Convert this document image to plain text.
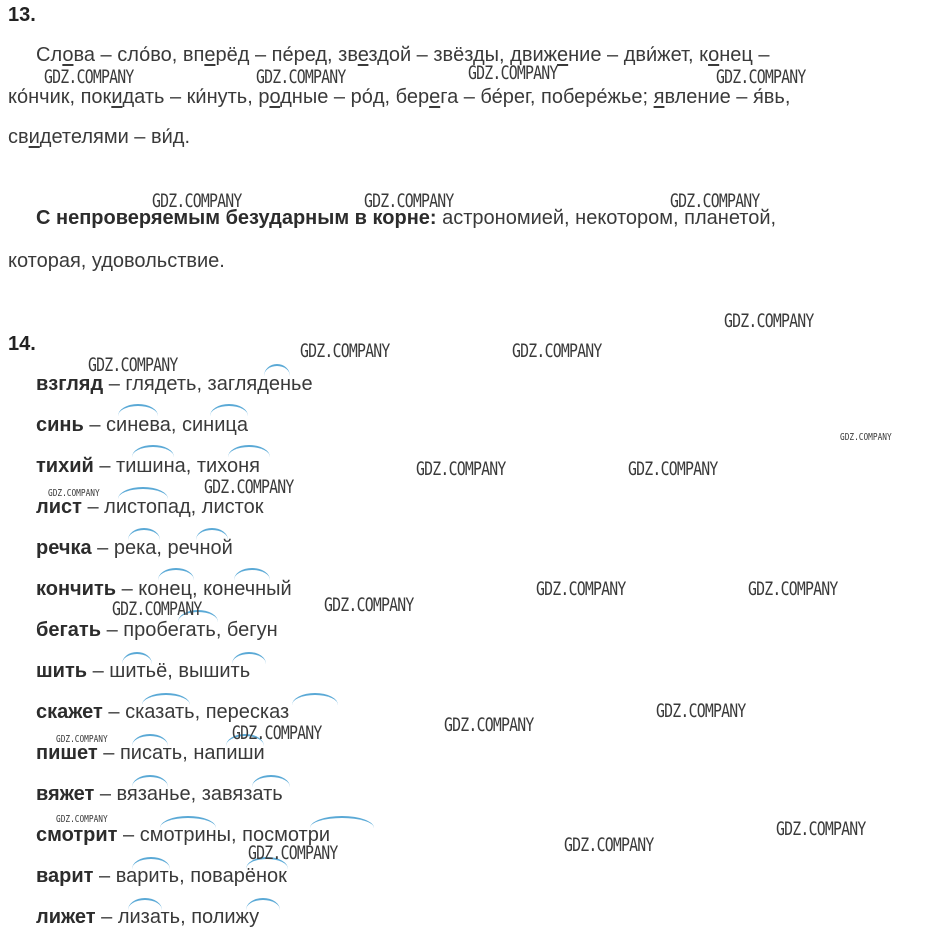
13.
Слова – сло́во, вперёд – пе́ред, звездой – звёзды, движение – дви́жет, конец –
ко́нчик, покидать – ки́нуть, родные – ро́д, берега – бе́рег, побере́жье; явление – я́вь,
свидетелями – ви́д.
С непроверяемым безударным в корне: астрономией, некотором, планетой,
которая, удовольствие.
14.
взгляд – глядеть, загляденье
синь – синева, синица
тихий – тишина, тихоня
лист – листопад, листок
речка – река, речной
кончить – конец, конечный
бегать – пробегать, бегун
шить – шитьё, вышить
скажет – сказать, пересказ
пишет – писать, напиши
вяжет – вязанье, завязать
смотрит – смотрины, посмотри
варит – варить, поварёнок
лижет – лизать, полижу
GDZ.COMPANY	GDZ.COMPANY	GDZ.COMPANY	GDZ.COMPANY
GDZ.COMPANY	GDZ.COMPANY	GDZ.COMPANY
GDZ.COMPANY
GDZ.COMPANY
GDZ.COMPANY	GDZ.COMPANY
GDZ.COMPANY
GDZ.COMPANY	GDZ.COMPANY
GDZ.COMPANY	GDZ.COMPANY
GDZ.COMPANY	GDZ.COMPANY
GDZ.COMPANY	GDZ.COMPANY
GDZ.COMPANY
GDZ.COMPANY
GDZ.COMPANY
GDZ.COMPANY
GDZ.COMPANY	GDZ.COMPANY
GDZ.COMPANY
GDZ.COMPANY
